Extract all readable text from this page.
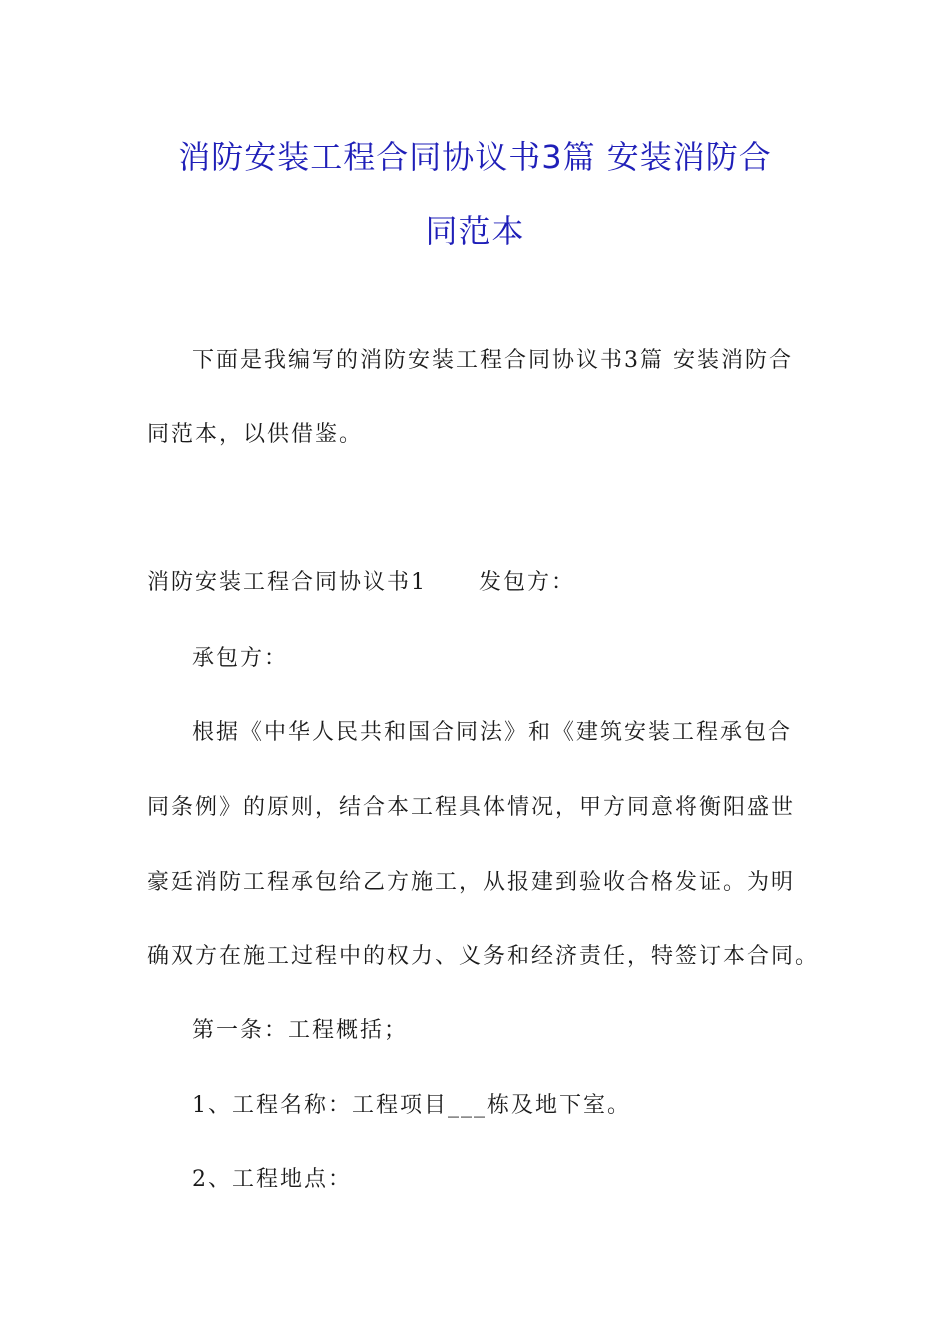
消防安装工程合同协议书3篇 安装消防合
同范本
下面是我编写的消防安装工程合同协议书3篇 安装消防合
同范本，以供借鉴。
消防安装工程合同协议书1 发包方：
承包方：
根据《中华人民共和国合同法》和《建筑安装工程承包合
同条例》的原则，结合本工程具体情况，甲方同意将衡阳盛世
豪廷消防工程承包给乙方施工，从报建到验收合格发证。为明
确双方在施工过程中的权力、义务和经济责任，特签订本合同。
第一条：工程概括；
1、工程名称：工程项目___栋及地下室。
2、工程地点：
